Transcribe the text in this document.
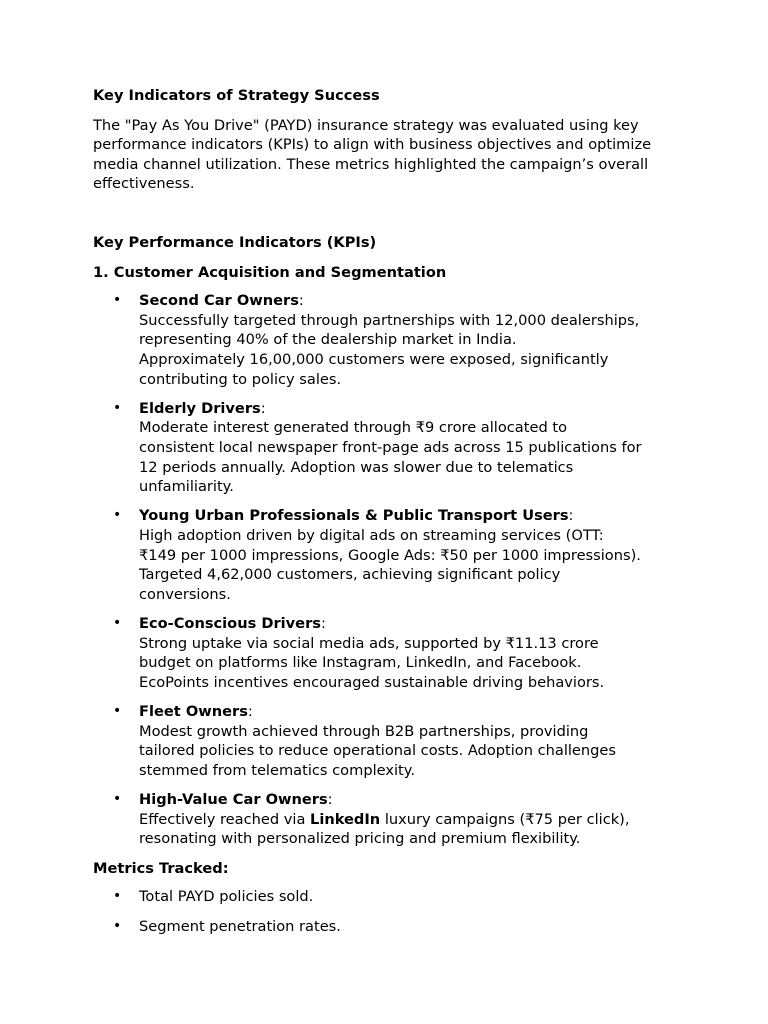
Key Indicators of Strategy Success

The "Pay As You Drive" (PAYD) insurance strategy was evaluated using key performance indicators (KPIs) to align with business objectives and optimize media channel utilization. These metrics highlighted the campaign’s overall effectiveness.

Key Performance Indicators (KPIs)
1. Customer Acquisition and Segmentation
• Second Car Owners:
Successfully targeted through partnerships with 12,000 dealerships,
representing 40% of the dealership market in India.
Approximately 16,00,000 customers were exposed, significantly
contributing to policy sales.
• Elderly Drivers:
Moderate interest generated through ₹9 crore allocated to
consistent local newspaper front-page ads across 15 publications for
12 periods annually. Adoption was slower due to telematics
unfamiliarity.
• Young Urban Professionals & Public Transport Users:
High adoption driven by digital ads on streaming services (OTT:
₹149 per 1000 impressions, Google Ads: ₹50 per 1000 impressions).
Targeted 4,62,000 customers, achieving significant policy
conversions.
• Eco-Conscious Drivers:
Strong uptake via social media ads, supported by ₹11.13 crore
budget on platforms like Instagram, LinkedIn, and Facebook.
EcoPoints incentives encouraged sustainable driving behaviors.
• Fleet Owners:
Modest growth achieved through B2B partnerships, providing
tailored policies to reduce operational costs. Adoption challenges
stemmed from telematics complexity.
• High-Value Car Owners:
Effectively reached via LinkedIn luxury campaigns (₹75 per click),
resonating with personalized pricing and premium flexibility.
Metrics Tracked:
• Total PAYD policies sold.
• Segment penetration rates.
